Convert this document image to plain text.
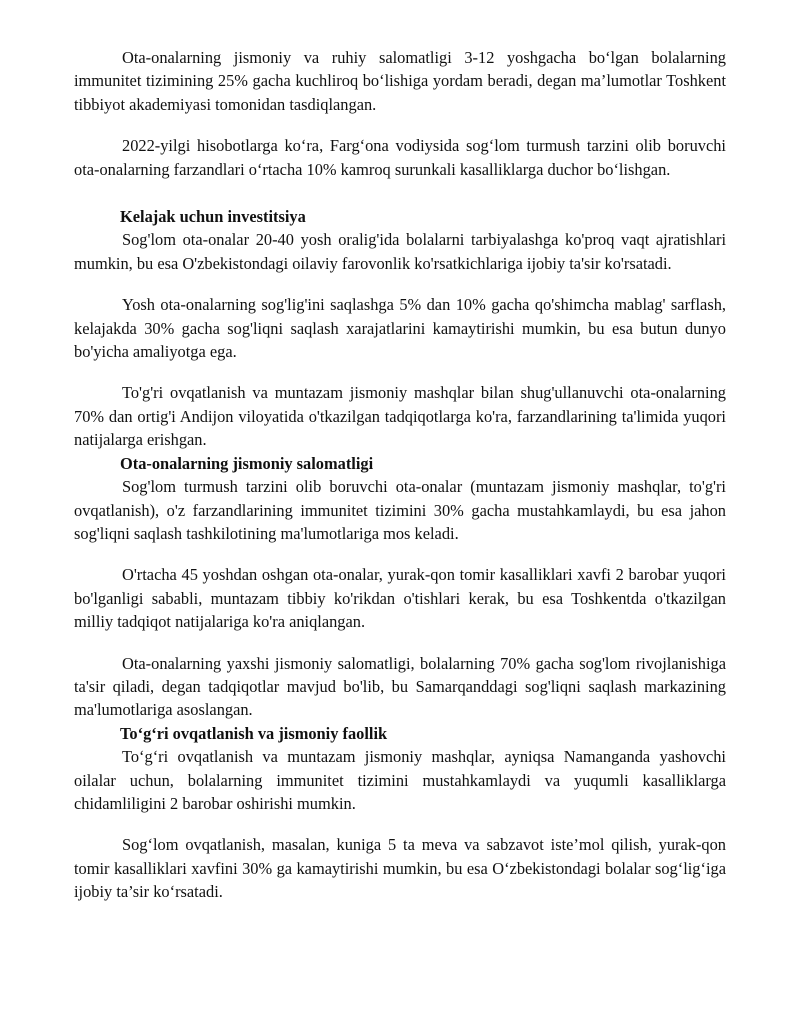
Ota-onalarning jismoniy va ruhiy salomatligi 3-12 yoshgacha bo‘lgan bolalarning immunitet tizimining 25% gacha kuchliroq bo‘lishiga yordam beradi, degan ma’lumotlar Toshkent tibbiyot akademiyasi tomonidan tasdiqlangan.

2022-yilgi hisobotlarga ko‘ra, Farg‘ona vodiysida sog‘lom turmush tarzini olib boruvchi ota-onalarning farzandlari o‘rtacha 10% kamroq surunkali kasalliklarga duchor bo‘lishgan.

Kelajak uchun investitsiya

Sog'lom ota-onalar 20-40 yosh oralig'ida bolalarni tarbiyalashga ko'proq vaqt ajratishlari mumkin, bu esa O'zbekistondagi oilaviy farovonlik ko'rsatkichlariga ijobiy ta'sir ko'rsatadi.

Yosh ota-onalarning sog'lig'ini saqlashga 5% dan 10% gacha qo'shimcha mablag' sarflash, kelajakda 30% gacha sog'liqni saqlash xarajatlarini kamaytirishi mumkin, bu esa butun dunyo bo'yicha amaliyotga ega.

To'g'ri ovqatlanish va muntazam jismoniy mashqlar bilan shug'ullanuvchi ota-onalarning 70% dan ortig'i Andijon viloyatida o'tkazilgan tadqiqotlarga ko'ra, farzandlarining ta'limida yuqori natijalarga erishgan.

Ota-onalarning jismoniy salomatligi

Sog'lom turmush tarzini olib boruvchi ota-onalar (muntazam jismoniy mashqlar, to'g'ri ovqatlanish), o'z farzandlarining immunitet tizimini 30% gacha mustahkamlaydi, bu esa jahon sog'liqni saqlash tashkilotining ma'lumotlariga mos keladi.

O'rtacha 45 yoshdan oshgan ota-onalar, yurak-qon tomir kasalliklari xavfi 2 barobar yuqori bo'lganligi sababli, muntazam tibbiy ko'rikdan o'tishlari kerak, bu esa Toshkentda o'tkazilgan milliy tadqiqot natijalariga ko'ra aniqlangan.

Ota-onalarning yaxshi jismoniy salomatligi, bolalarning 70% gacha sog'lom rivojlanishiga ta'sir qiladi, degan tadqiqotlar mavjud bo'lib, bu Samarqanddagi sog'liqni saqlash markazining ma'lumotlariga asoslangan.

To‘g‘ri ovqatlanish va jismoniy faollik

To‘g‘ri ovqatlanish va muntazam jismoniy mashqlar, ayniqsa Namanganda yashovchi oilalar uchun, bolalarning immunitet tizimini mustahkamlaydi va yuqumli kasalliklarga chidamliligini 2 barobar oshirishi mumkin.

Sog‘lom ovqatlanish, masalan, kuniga 5 ta meva va sabzavot iste’mol qilish, yurak-qon tomir kasalliklari xavfini 30% ga kamaytirishi mumkin, bu esa O‘zbekistondagi bolalar sog‘lig‘iga ijobiy ta’sir ko‘rsatadi.
